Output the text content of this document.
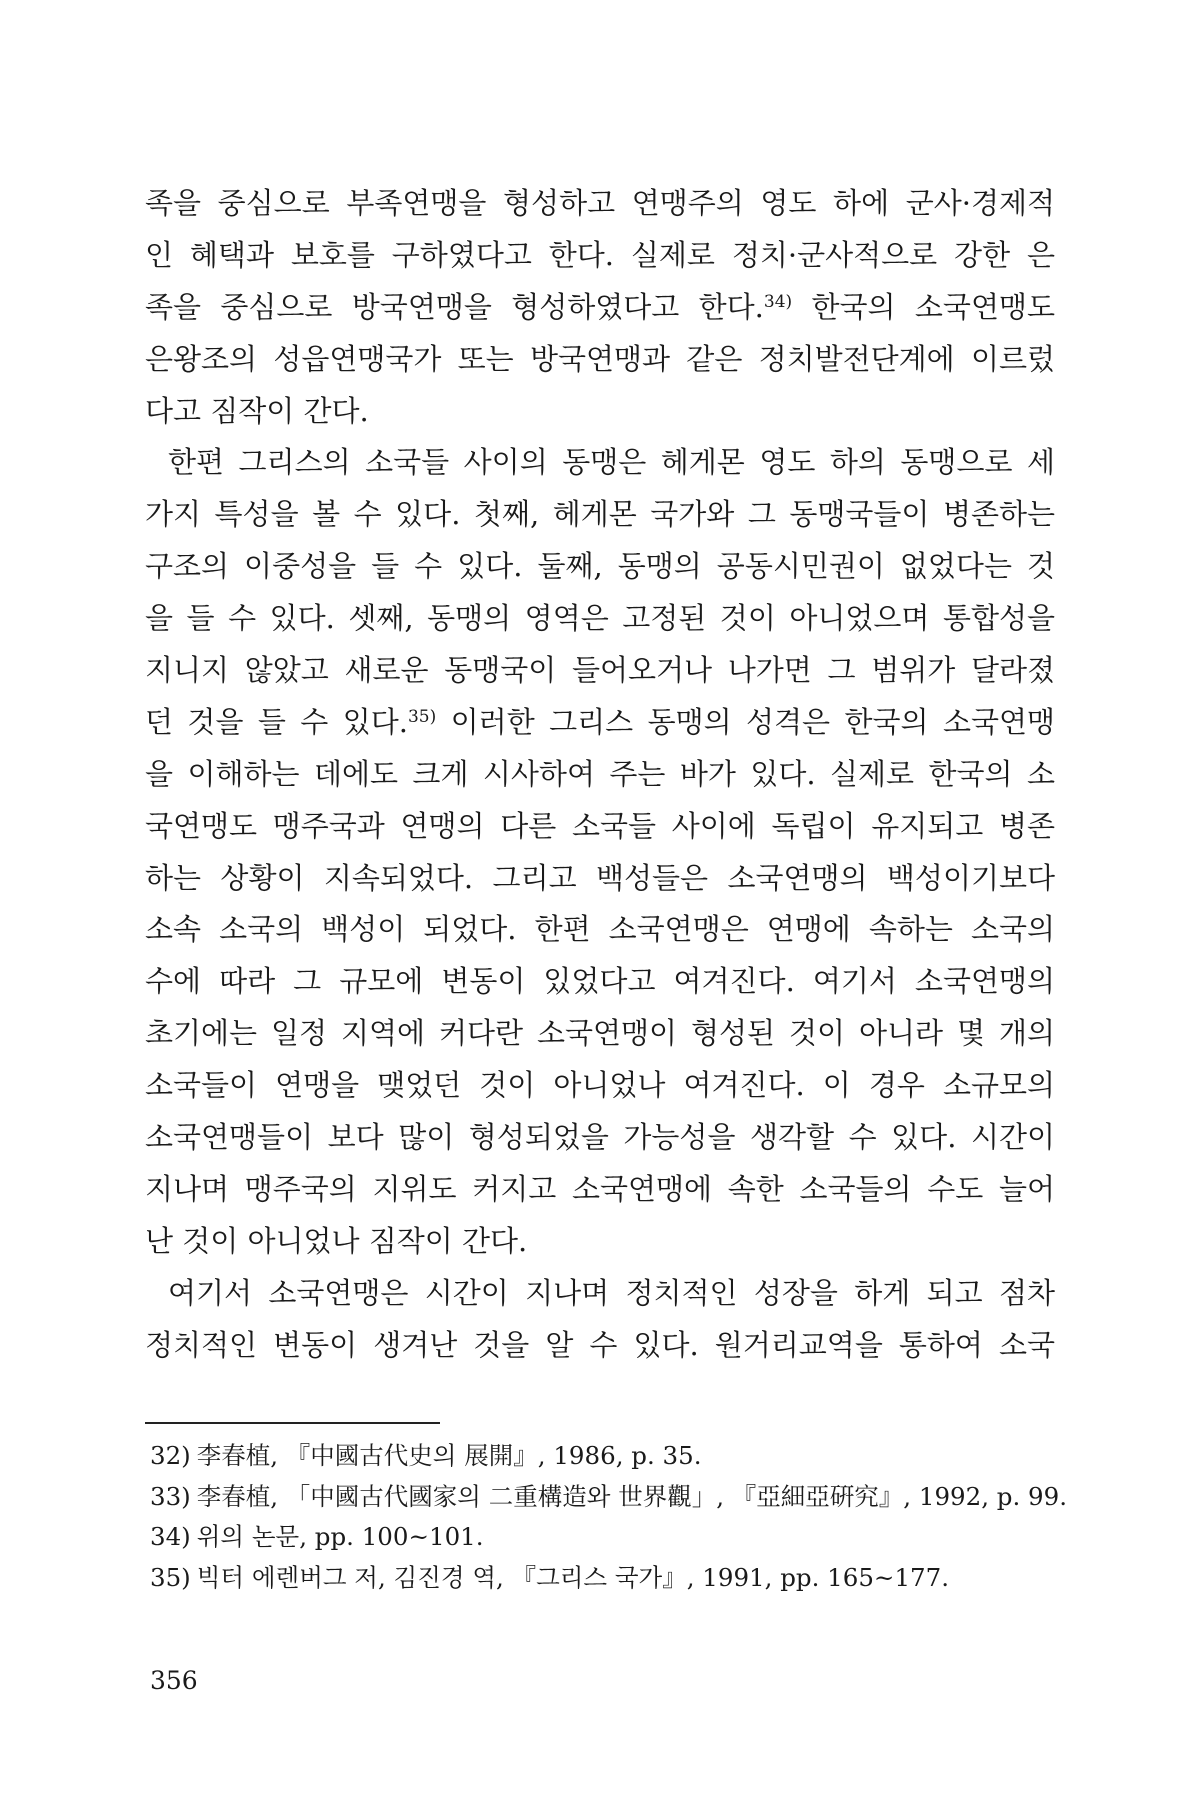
족을 중심으로 부족연맹을 형성하고 연맹주의 영도 하에 군사·경제적
인 혜택과 보호를 구하였다고 한다. 실제로 정치·군사적으로 강한 은
족을 중심으로 방국연맹을 형성하였다고 한다.$^{34)}$ 한국의 소국연맹도
은왕조의 성읍연맹국가 또는 방국연맹과 같은 정치발전단계에 이르렀
다고 짐작이 간다.
한편 그리스의 소국들 사이의 동맹은 헤게몬 영도 하의 동맹으로 세
가지 특성을 볼 수 있다. 첫째, 헤게몬 국가와 그 동맹국들이 병존하는
구조의 이중성을 들 수 있다. 둘째, 동맹의 공동시민권이 없었다는 것
을 들 수 있다. 셋째, 동맹의 영역은 고정된 것이 아니었으며 통합성을
지니지 않았고 새로운 동맹국이 들어오거나 나가면 그 범위가 달라졌
던 것을 들 수 있다.$^{35)}$ 이러한 그리스 동맹의 성격은 한국의 소국연맹
을 이해하는 데에도 크게 시사하여 주는 바가 있다. 실제로 한국의 소
국연맹도 맹주국과 연맹의 다른 소국들 사이에 독립이 유지되고 병존
하는 상황이 지속되었다. 그리고 백성들은 소국연맹의 백성이기보다
소속 소국의 백성이 되었다. 한편 소국연맹은 연맹에 속하는 소국의
수에 따라 그 규모에 변동이 있었다고 여겨진다. 여기서 소국연맹의
초기에는 일정 지역에 커다란 소국연맹이 형성된 것이 아니라 몇 개의
소국들이 연맹을 맺었던 것이 아니었나 여겨진다. 이 경우 소규모의
소국연맹들이 보다 많이 형성되었을 가능성을 생각할 수 있다. 시간이
지나며 맹주국의 지위도 커지고 소국연맹에 속한 소국들의 수도 늘어
난 것이 아니었나 짐작이 간다.
여기서 소국연맹은 시간이 지나며 정치적인 성장을 하게 되고 점차
정치적인 변동이 생겨난 것을 알 수 있다. 원거리교역을 통하여 소국
32) 李春植, 『中國古代史의 展開』, 1986, p. 35.
33) 李春植, 「中國古代國家의 二重構造와 世界觀」, 『亞細亞硏究』, 1992, p. 99.
34) 위의 논문, pp. 100~101.
35) 빅터 에렌버그 저, 김진경 역, 『그리스 국가』, 1991, pp. 165~177.
356
